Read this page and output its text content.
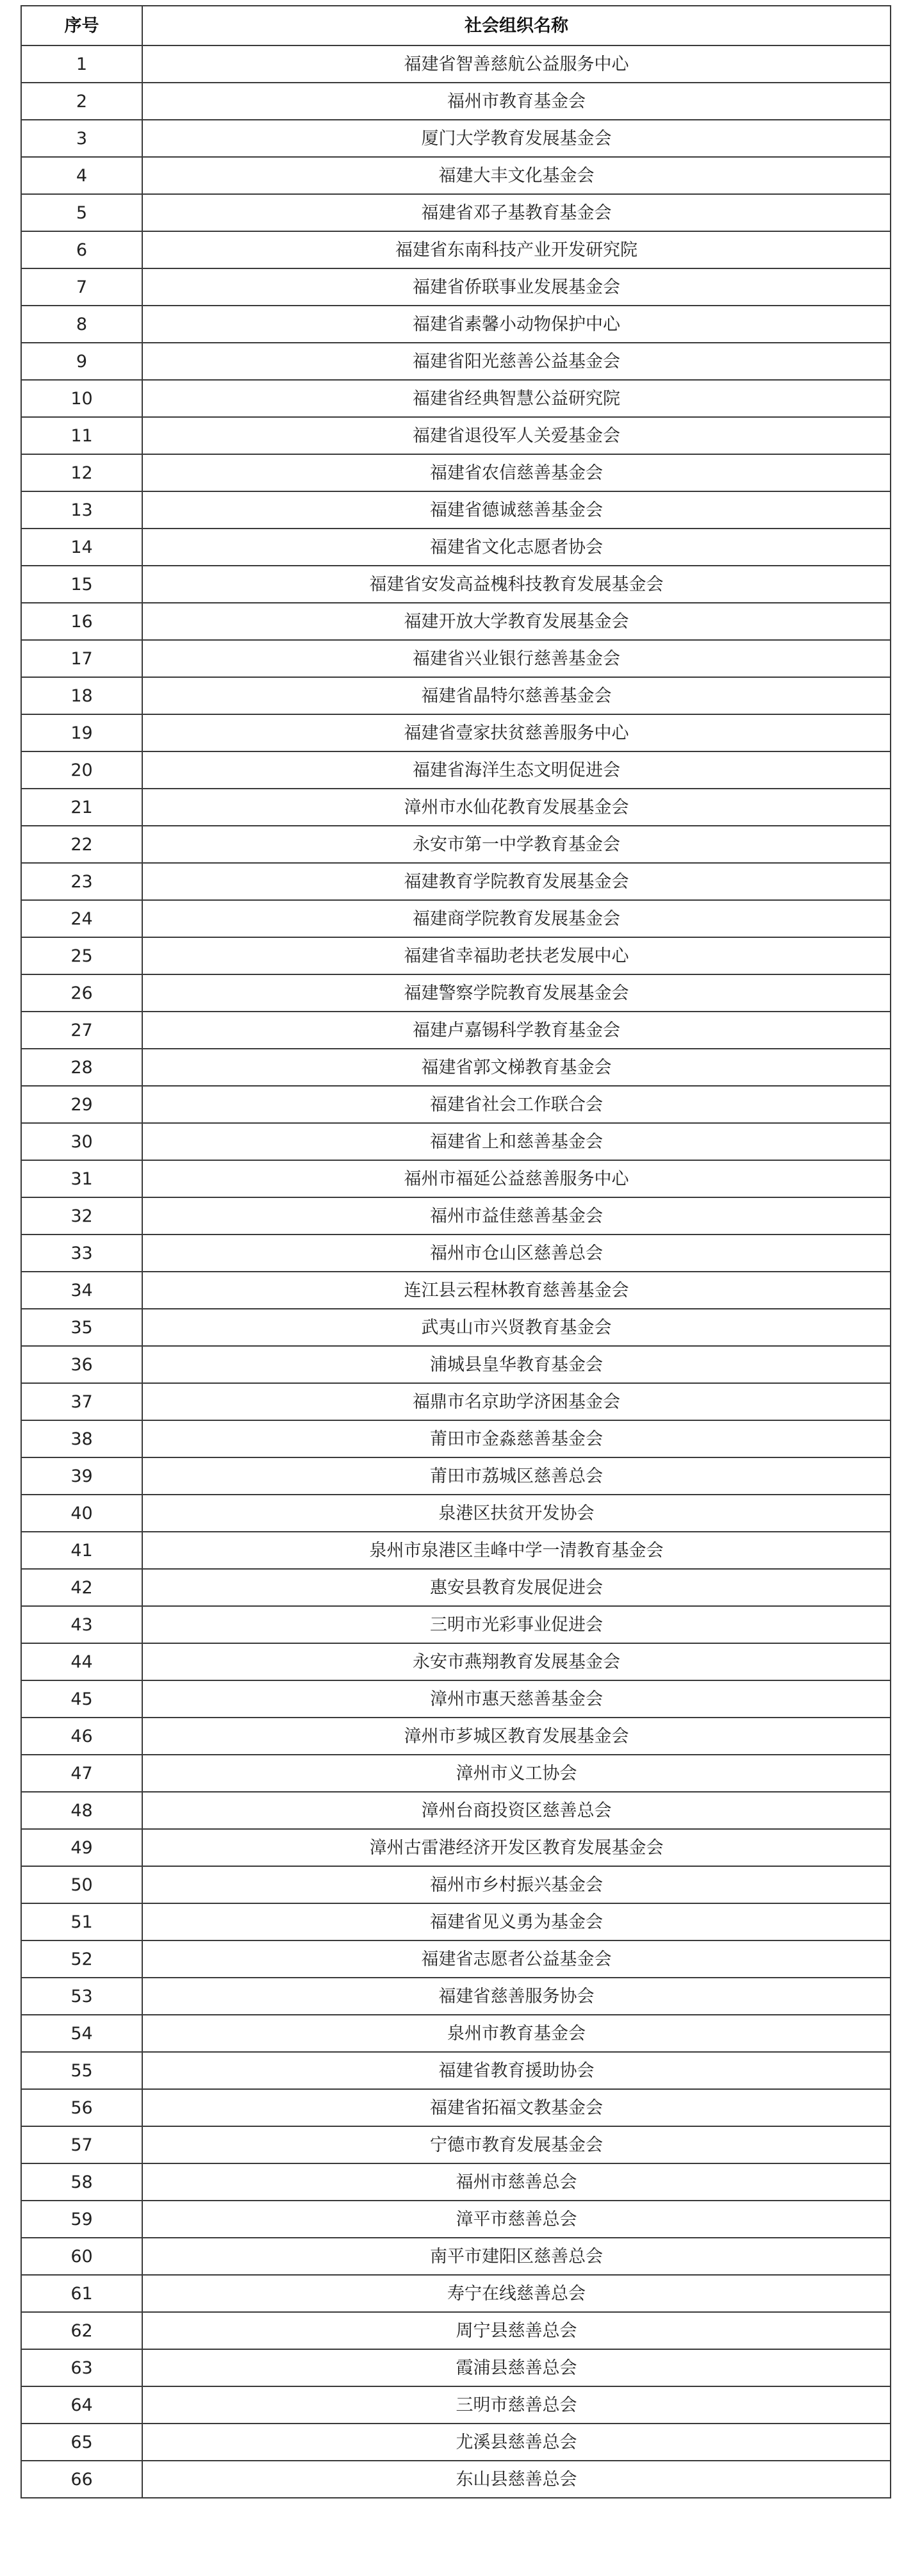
序号	社会组织名称
1	福建省智善慈航公益服务中心
2	福州市教育基金会
3	厦门大学教育发展基金会
4	福建大丰文化基金会
5	福建省邓子基教育基金会
6	福建省东南科技产业开发研究院
7	福建省侨联事业发展基金会
8	福建省素馨小动物保护中心
9	福建省阳光慈善公益基金会
10	福建省经典智慧公益研究院
11	福建省退役军人关爱基金会
12	福建省农信慈善基金会
13	福建省德诚慈善基金会
14	福建省文化志愿者协会
15	福建省安发高益槐科技教育发展基金会
16	福建开放大学教育发展基金会
17	福建省兴业银行慈善基金会
18	福建省晶特尔慈善基金会
19	福建省壹家扶贫慈善服务中心
20	福建省海洋生态文明促进会
21	漳州市水仙花教育发展基金会
22	永安市第一中学教育基金会
23	福建教育学院教育发展基金会
24	福建商学院教育发展基金会
25	福建省幸福助老扶老发展中心
26	福建警察学院教育发展基金会
27	福建卢嘉锡科学教育基金会
28	福建省郭文梯教育基金会
29	福建省社会工作联合会
30	福建省上和慈善基金会
31	福州市福延公益慈善服务中心
32	福州市益佳慈善基金会
33	福州市仓山区慈善总会
34	连江县云程林教育慈善基金会
35	武夷山市兴贤教育基金会
36	浦城县皇华教育基金会
37	福鼎市名京助学济困基金会
38	莆田市金淼慈善基金会
39	莆田市荔城区慈善总会
40	泉港区扶贫开发协会
41	泉州市泉港区圭峰中学一清教育基金会
42	惠安县教育发展促进会
43	三明市光彩事业促进会
44	永安市燕翔教育发展基金会
45	漳州市惠天慈善基金会
46	漳州市芗城区教育发展基金会
47	漳州市义工协会
48	漳州台商投资区慈善总会
49	漳州古雷港经济开发区教育发展基金会
50	福州市乡村振兴基金会
51	福建省见义勇为基金会
52	福建省志愿者公益基金会
53	福建省慈善服务协会
54	泉州市教育基金会
55	福建省教育援助协会
56	福建省拓福文教基金会
57	宁德市教育发展基金会
58	福州市慈善总会
59	漳平市慈善总会
60	南平市建阳区慈善总会
61	寿宁在线慈善总会
62	周宁县慈善总会
63	霞浦县慈善总会
64	三明市慈善总会
65	尤溪县慈善总会
66	东山县慈善总会
